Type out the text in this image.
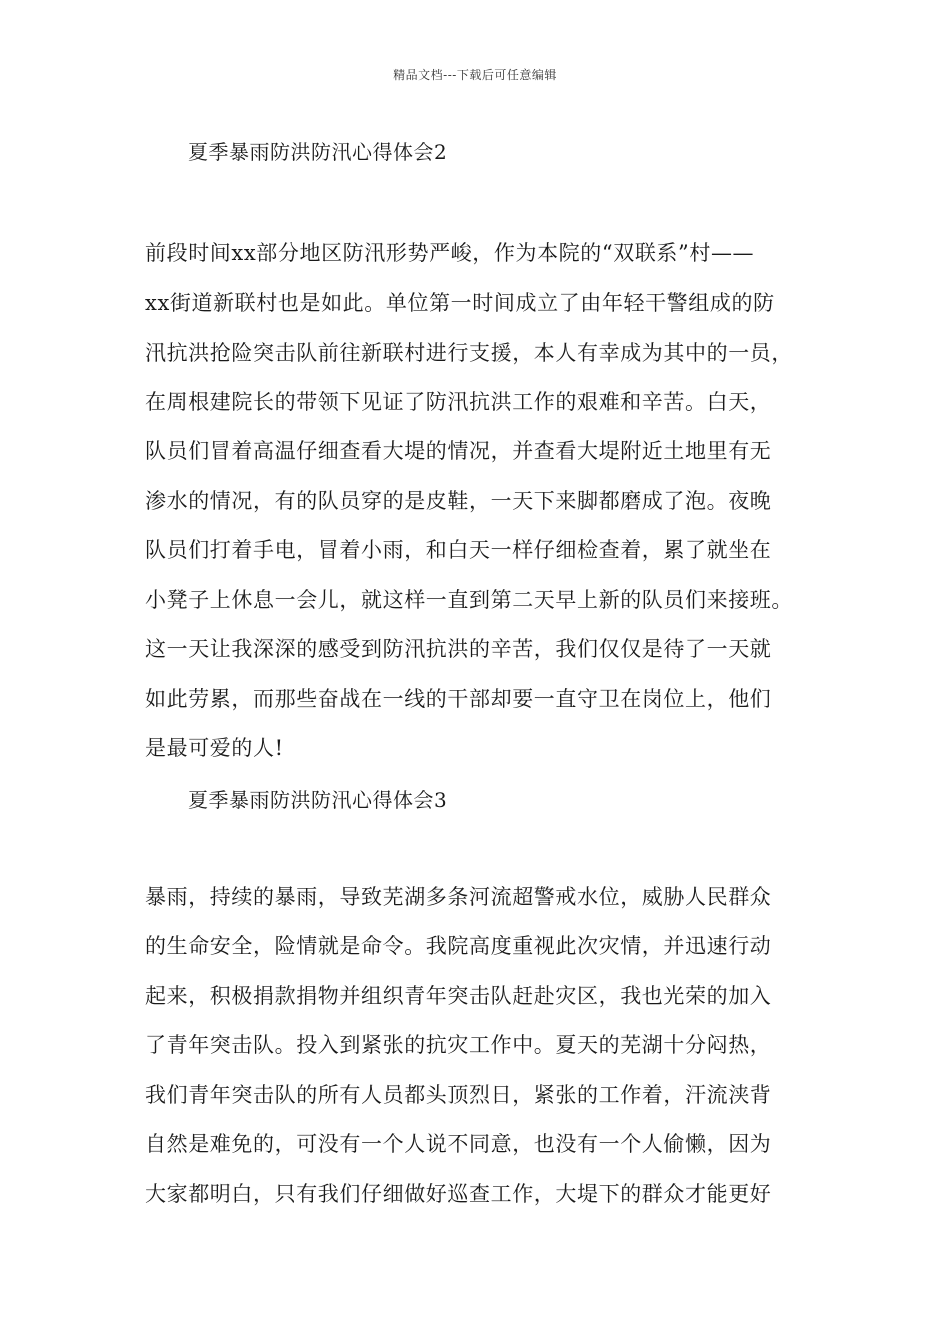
精品文档---下载后可任意编辑
夏季暴雨防洪防汛心得体会2
前段时间xx部分地区防汛形势严峻，作为本院的“双联系”村——
xx街道新联村也是如此。单位第一时间成立了由年轻干警组成的防
汛抗洪抢险突击队前往新联村进行支援，本人有幸成为其中的一员，
在周根建院长的带领下见证了防汛抗洪工作的艰难和辛苦。白天，
队员们冒着高温仔细查看大堤的情况，并查看大堤附近土地里有无
渗水的情况，有的队员穿的是皮鞋，一天下来脚都磨成了泡。夜晚
队员们打着手电，冒着小雨，和白天一样仔细检查着，累了就坐在
小凳子上休息一会儿，就这样一直到第二天早上新的队员们来接班。
这一天让我深深的感受到防汛抗洪的辛苦，我们仅仅是待了一天就
如此劳累，而那些奋战在一线的干部却要一直守卫在岗位上，他们
是最可爱的人!
夏季暴雨防洪防汛心得体会3
暴雨，持续的暴雨，导致芜湖多条河流超警戒水位，威胁人民群众
的生命安全，险情就是命令。我院高度重视此次灾情，并迅速行动
起来，积极捐款捐物并组织青年突击队赶赴灾区，我也光荣的加入
了青年突击队。投入到紧张的抗灾工作中。夏天的芜湖十分闷热，
我们青年突击队的所有人员都头顶烈日，紧张的工作着，汗流浃背
自然是难免的，可没有一个人说不同意，也没有一个人偷懒，因为
大家都明白，只有我们仔细做好巡查工作，大堤下的群众才能更好
